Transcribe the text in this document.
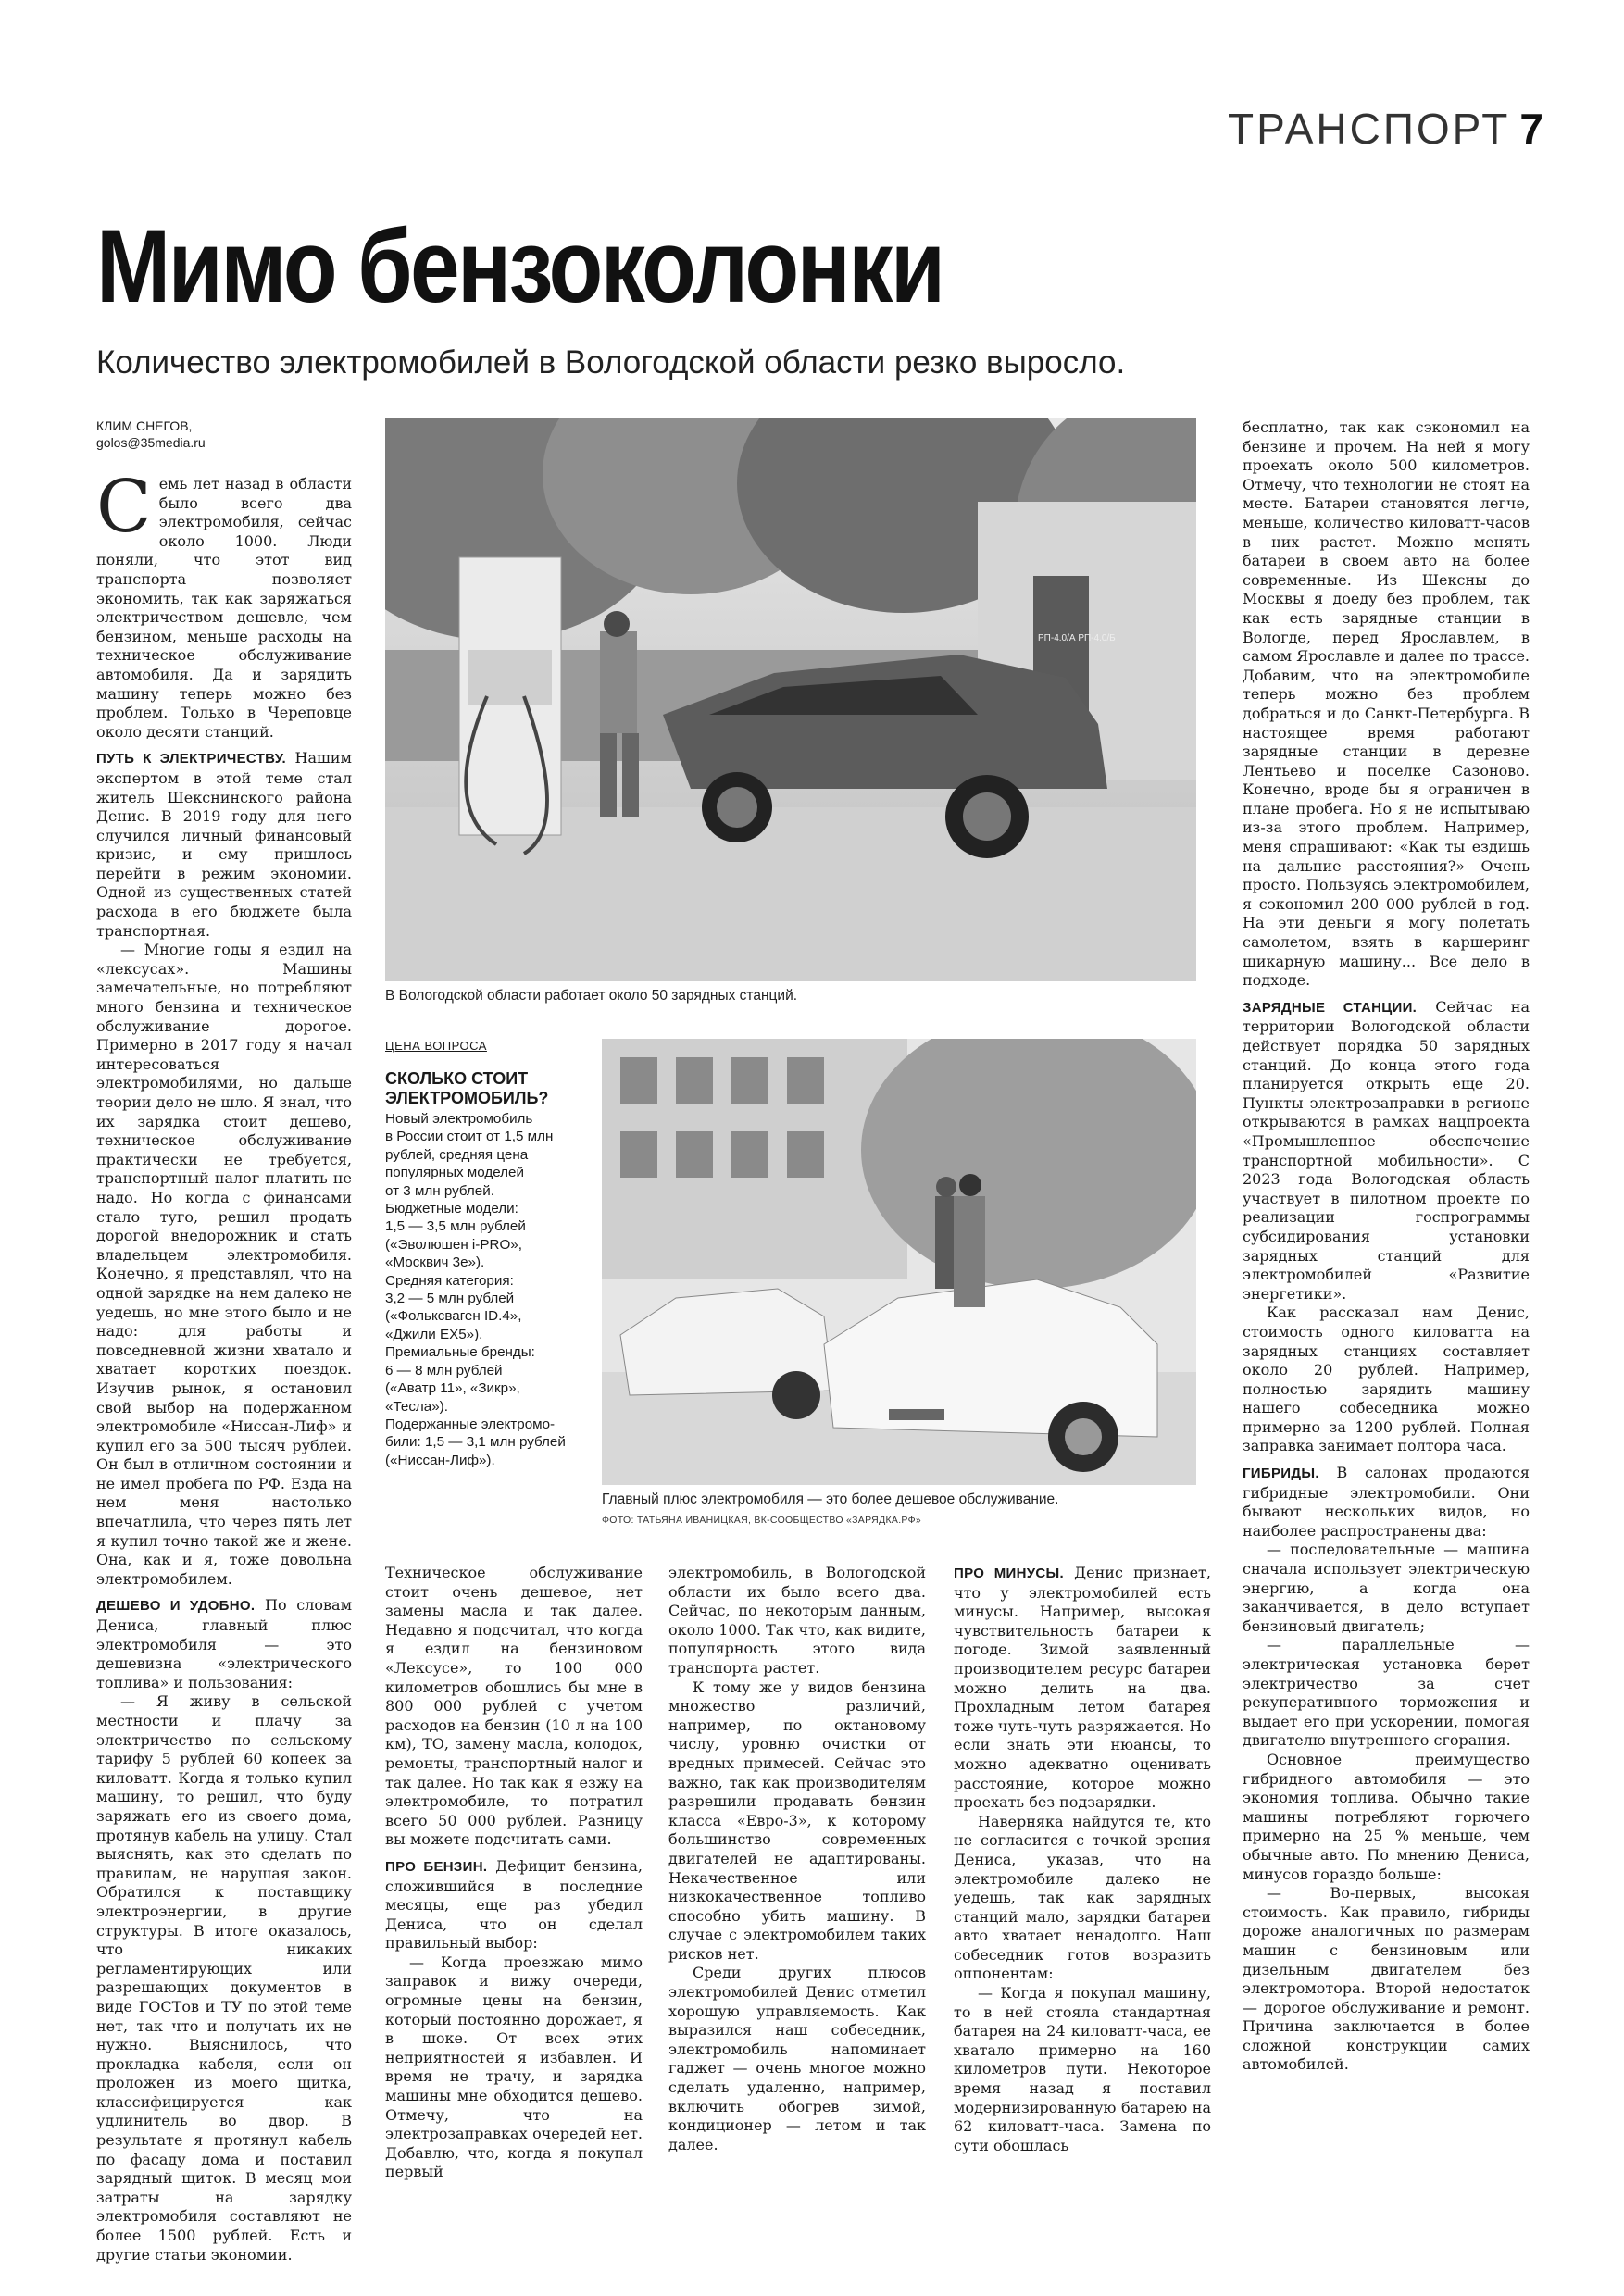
ТРАНСПОРТ 7
Мимо бензоколонки
Количество электромобилей в Вологодской области резко выросло.
КЛИМ СНЕГОВ,
golos@35media.ru

Семь лет назад в области было всего два электромобиля, сейчас около 1000. Люди поняли, что этот вид транспорта позволяет экономить, так как заряжаться электричеством дешевле, чем бензином, меньше расходы на техническое обслуживание автомобиля. Да и зарядить машину теперь можно без проблем. Только в Череповце около десяти станций.

ПУТЬ К ЭЛЕКТРИЧЕСТВУ. Нашим экспертом в этой теме стал житель Шекснинского района Денис. В 2019 году для него случился личный финансовый кризис, и ему пришлось перейти в режим экономии. Одной из существенных статей расхода в его бюджете была транспортная.

— Многие годы я ездил на «лексусах». Машины замечательные, но потребляют много бензина и техническое обслуживание дорогое. Примерно в 2017 году я начал интересоваться электромобилями, но дальше теории дело не шло. Я знал, что их зарядка стоит дешево, техническое обслуживание практически не требуется, транспортный налог платить не надо. Но когда с финансами стало туго, решил продать дорогой внедорожник и стать владельцем электромобиля. Конечно, я представлял, что на одной зарядке на нем далеко не уедешь, но мне этого было и не надо: для работы и повседневной жизни хватало и хватает коротких поездок. Изучив рынок, я остановил свой выбор на подержанном электромобиле «Ниссан-Лиф» и купил его за 500 тысяч рублей. Он был в отличном состоянии и не имел пробега по РФ. Езда на нем меня настолько впечатлила, что через пять лет я купил точно такой же и жене. Она, как и я, тоже довольна электромобилем.

ДЕШЕВО И УДОБНО. По словам Дениса, главный плюс электромобиля — это дешевизна «электрического топлива» и пользования:

— Я живу в сельской местности и плачу за электричество по сельскому тарифу 5 рублей 60 копеек за киловатт. Когда я только купил машину, то решил, что буду заряжать его из своего дома, протянув кабель на улицу. Стал выяснять, как это сделать по правилам, не нарушая закон. Обратился к поставщику электроэнергии, в другие структуры. В итоге оказалось, что никаких регламентирующих или разрешающих документов в виде ГОСТов и ТУ по этой теме нет, так что и получать их не нужно. Выяснилось, что прокладка кабеля, если он проложен из моего щитка, классифицируется как удлинитель во двор. В результате я протянул кабель по фасаду дома и поставил зарядный щиток. В месяц мои затраты на зарядку электромобиля составляют не более 1500 рублей. Есть и другие статьи экономии.

РП-4.0/А РП-4.0/Б
В Вологодской области работает около 50 зарядных станций.
ЦЕНА ВОПРОСА
СКОЛЬКО СТОИТ ЭЛЕКТРОМОБИЛЬ?
Новый электромобиль
в России стоит от 1,5 млн
рублей, средняя цена
популярных моделей
от 3 млн рублей.
Бюджетные модели:
1,5 — 3,5 млн рублей
(«Эволюшен i-PRO»,
«Москвич 3е»).
Средняя категория:
3,2 — 5 млн рублей
(«Фольксваген ID.4»,
«Джили EX5»).
Премиальные бренды:
6 — 8 млн рублей
(«Аватр 11», «Зикр»,
«Тесла»).
Подержанные электромо-
били: 1,5 — 3,1 млн рублей
(«Ниссан-Лиф»).
Главный плюс электромобиля — это более дешевое обслуживание.
ФОТО: ТАТЬЯНА ИВАНИЦКАЯ, ВК-СООБЩЕСТВО «ЗАРЯДКА.РФ»

Техническое обслуживание стоит очень дешевое, нет замены масла и так далее. Недавно я подсчитал, что когда я ездил на бензиновом «Лексусе», то 100 000 километров обошлись бы мне в 800 000 рублей с учетом расходов на бензин (10 л на 100 км), ТО, замену масла, колодок, ремонты, транспортный налог и так далее. Но так как я езжу на электромобиле, то потратил всего 50 000 рублей. Разницу вы можете подсчитать сами.

ПРО БЕНЗИН. Дефицит бензина, сложившийся в последние месяцы, еще раз убедил Дениса, что он сделал правильный выбор:

— Когда проезжаю мимо заправок и вижу очереди, огромные цены на бензин, который постоянно дорожает, я в шоке. От всех этих неприятностей я избавлен. И время не трачу, и зарядка машины мне обходится дешево. Отмечу, что на электрозаправках очередей нет. Добавлю, что, когда я покупал первый

электромобиль, в Вологодской области их было всего два. Сейчас, по некоторым данным, около 1000. Так что, как видите, популярность этого вида транспорта растет.

К тому же у видов бензина множество различий, например, по октановому числу, уровню очистки от вредных примесей. Сейчас это важно, так как производителям разрешили продавать бензин класса «Евро-3», к которому большинство современных двигателей не адаптированы. Некачественное или низкокачественное топливо способно убить машину. В случае с электромобилем таких рисков нет.

Среди других плюсов электромобилей Денис отметил хорошую управляемость. Как выразился наш собеседник, электромобиль напоминает гаджет — очень многое можно сделать удаленно, например, включить обогрев зимой, кондиционер — летом и так далее.

ПРО МИНУСЫ. Денис признает, что у электромобилей есть минусы. Например, высокая чувствительность батареи к погоде. Зимой заявленный производителем ресурс батареи можно делить на два. Прохладным летом батарея тоже чуть-чуть разряжается. Но если знать эти нюансы, то можно адекватно оценивать расстояние, которое можно проехать без подзарядки.

Наверняка найдутся те, кто не согласится с точкой зрения Дениса, указав, что на электромобиле далеко не уедешь, так как зарядных станций мало, зарядки батареи авто хватает ненадолго. Наш собеседник готов возразить оппонентам:

— Когда я покупал машину, то в ней стояла стандартная батарея на 24 киловатт-часа, ее хватало примерно на 160 километров пути. Некоторое время назад я поставил модернизированную батарею на 62 киловатт-часа. Замена по сути обошлась

бесплатно, так как сэкономил на бензине и прочем. На ней я могу проехать около 500 километров. Отмечу, что технологии не стоят на месте. Батареи становятся легче, меньше, количество киловатт-часов в них растет. Можно менять батареи в своем авто на более современные. Из Шексны до Москвы я доеду без проблем, так как есть зарядные станции в Вологде, перед Ярославлем, в самом Ярославле и далее по трассе. Добавим, что на электромобиле теперь можно без проблем добраться и до Санкт-Петербурга. В настоящее время работают зарядные станции в деревне Лентьево и поселке Сазоново. Конечно, вроде бы я ограничен в плане пробега. Но я не испытываю из-за этого проблем. Например, меня спрашивают: «Как ты ездишь на дальние расстояния?» Очень просто. Пользуясь электромобилем, я сэкономил 200 000 рублей в год. На эти деньги я могу полетать самолетом, взять в каршеринг шикарную машину... Все дело в подходе.

ЗАРЯДНЫЕ СТАНЦИИ. Сейчас на территории Вологодской области действует порядка 50 зарядных станций. До конца этого года планируется открыть еще 20. Пункты электрозаправки в регионе открываются в рамках нацпроекта «Промышленное обеспечение транспортной мобильности». С 2023 года Вологодская область участвует в пилотном проекте по реализации госпрограммы субсидирования установки зарядных станций для электромобилей «Развитие энергетики».

Как рассказал нам Денис, стоимость одного киловатта на зарядных станциях составляет около 20 рублей. Например, полностью зарядить машину нашего собеседника можно примерно за 1200 рублей. Полная заправка занимает полтора часа.

ГИБРИДЫ. В салонах продаются гибридные электромобили. Они бывают нескольких видов, но наиболее распространены два:

— последовательные — машина сначала использует электрическую энергию, а когда она заканчивается, в дело вступает бензиновый двигатель;

— параллельные — электрическая установка берет электричество за счет рекуперативного торможения и выдает его при ускорении, помогая двигателю внутреннего сгорания.

Основное преимущество гибридного автомобиля — это экономия топлива. Обычно такие машины потребляют горючего примерно на 25 % меньше, чем обычные авто. По мнению Дениса, минусов гораздо больше:

— Во-первых, высокая стоимость. Как правило, гибриды дороже аналогичных по размерам машин с бензиновым или дизельным двигателем без электромотора. Второй недостаток — дорогое обслуживание и ремонт. Причина заключается в более сложной конструкции самих автомобилей.
